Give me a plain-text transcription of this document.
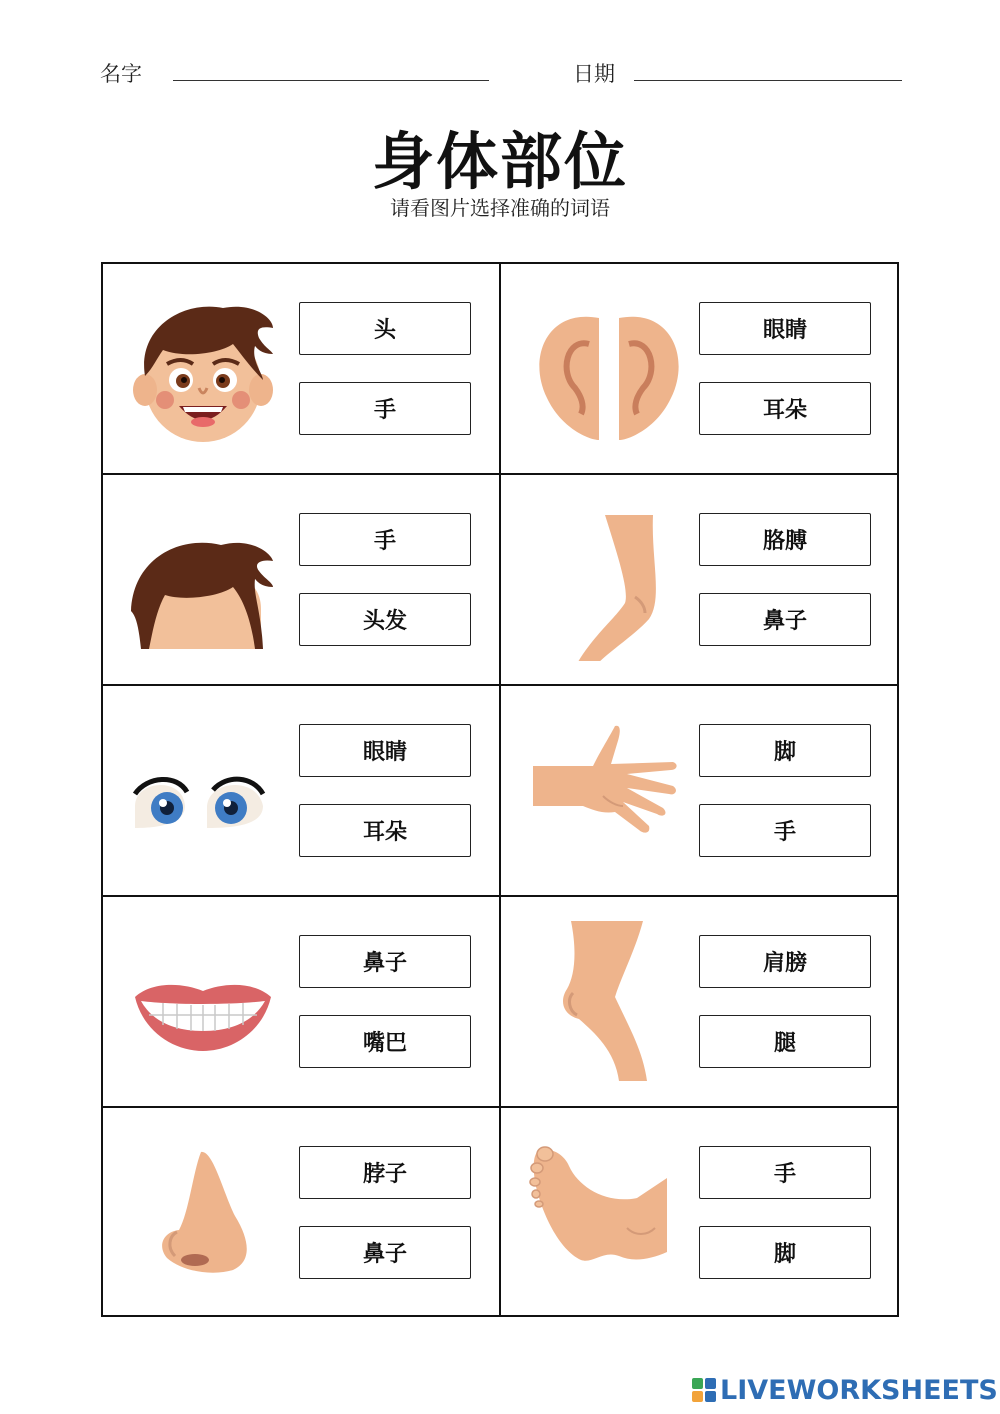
名字	日期
身体部位
请看图片选择准确的词语
头
手
眼睛
耳朵
手
头发
胳膊
鼻子
眼睛
耳朵
脚
手
鼻子
嘴巴
肩膀
腿
脖子
鼻子
手
脚
LIVEWORKSHEETS
